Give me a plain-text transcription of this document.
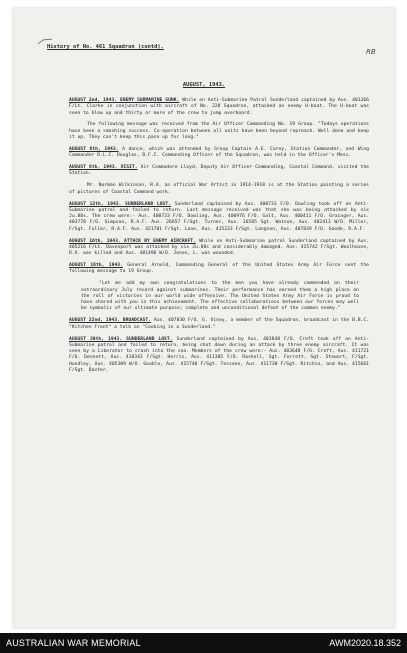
History of No. 461 Squadron (contd).
RB
AUGUST, 1943.

AUGUST 2nd, 1943. ENEMY SUBMARINE SUNK. While on Anti-Submarine Patrol Sunderland captained by Aus. 401366 F/Lt. Clarke in conjunction with aircraft of No. 228 Squadron, attacked an enemy U-boat. The U-boat was seen to blow up and thirty or more of the crew to jump overboard.

The following message was received from the Air Officer Commanding No. 19 Group. "Todays operations have been a smashing success. Co-operation between all units have been beyond reproach. Well done and keep it up. They can't keep this pace up for long."

AUGUST 6th, 1943. A dance, which was attended by Group Captain A.E. Carey, Station Commander, and Wing Commander D.L.C. Douglas, D.F.C. Commanding Officer of the Squadron, was held in the Officer's Mess.

AUGUST 8th, 1943. VISIT. Air Commodore Lloyd, Deputy Air Officer Commanding, Coastal Command, visited the Station.

Mr. Norman Wilkinson, R.A. an official War Artist in 1914-1918 is at the Station painting a series of pictures of Coastal Command work.

AUGUST 12th, 1943. SUNDERLAND LOST. Sunderland captained by Aus. 400733 F/O. Dowling took off on Anti-Submarine patrol and failed to return. Last message received was that she was being attacked by six Ju.88s. The crew were:- Aus. 400733 F/O. Dowling, Aus. 400976 F/O. Galt, Aus. 400411 F/O. Grainger, Aus. 403778 F/O. Simpson, R.A.F. Aus. 26657 F/Sgt. Turner, Aus. 16585 Sgt. Watson, Aus. 402413 W/O. Miller, F/Sgt. Fuller, R.A.F. Aus. 421701 F/Sgt. Lane, Aus. 415233 F/Sgt. Langson, Aus. 407839 F/O. Goode, R.A.F.

AUGUST 16th, 1943. ATTACK BY ENEMY AIRCRAFT. While on Anti-Submarine patrol Sunderland captained by Aus. 405216 F/Lt. Davenport was attacked by six Ju.88s and considerably damaged. Aus. 415742 F/Sgt. Woolhouse, R.V. was killed and Aus. 401496 W/O. Jones, L. was wounded.

AUGUST 16th, 1943. General Arnold, Commanding General of the United States Army Air Force sent the following message to 19 Group.

"Let me add my own congratulations to the men you have already commended on their extraordinary July record against submarines. Their performance has earned them a high place on the roll of victories in our world wide offensive. The United States Army Air Force is proud to have shared with you in this achievement. The effective collaborations between our forces may well be symbolic of our ultimate purpose; complete and unconditional defeat of the common enemy."

AUGUST 22nd, 1943. BROADCAST. Aus. 407830 F/O. G. Viney, a member of the Squadron, broadcast in the B.B.C. "Kitchen Front" a talk on "Cooking in a Sunderland."

AUGUST 30th, 1943. SUNDERLAND LOST. Sunderland captained by Aus. 403648 F/O. Croft took off on Anti-Submarine patrol and failed to return, being shot down during an attack by three enemy aircraft. It was seen by a Liberator to crash into the sea. Members of the crew were:- Aus. 403648 F/O. Croft, Aus. 411721 F/O. Dennett, Aus. 418343 F/Sgt. Harris, Aus. 411385 F/O. Rashell, Sgt. Forrett, Sgt. Stewart, F/Sgt. Handley, Aus. 405309 W/O. Goable, Aus. 415740 F/Sgt. Tessone, Aus. 411730 F/Sgt. Ritchie, and Aus. 415661 F/Sgt. Baxter.

AUSTRALIAN WAR MEMORIAL	AWM2020.18.352
